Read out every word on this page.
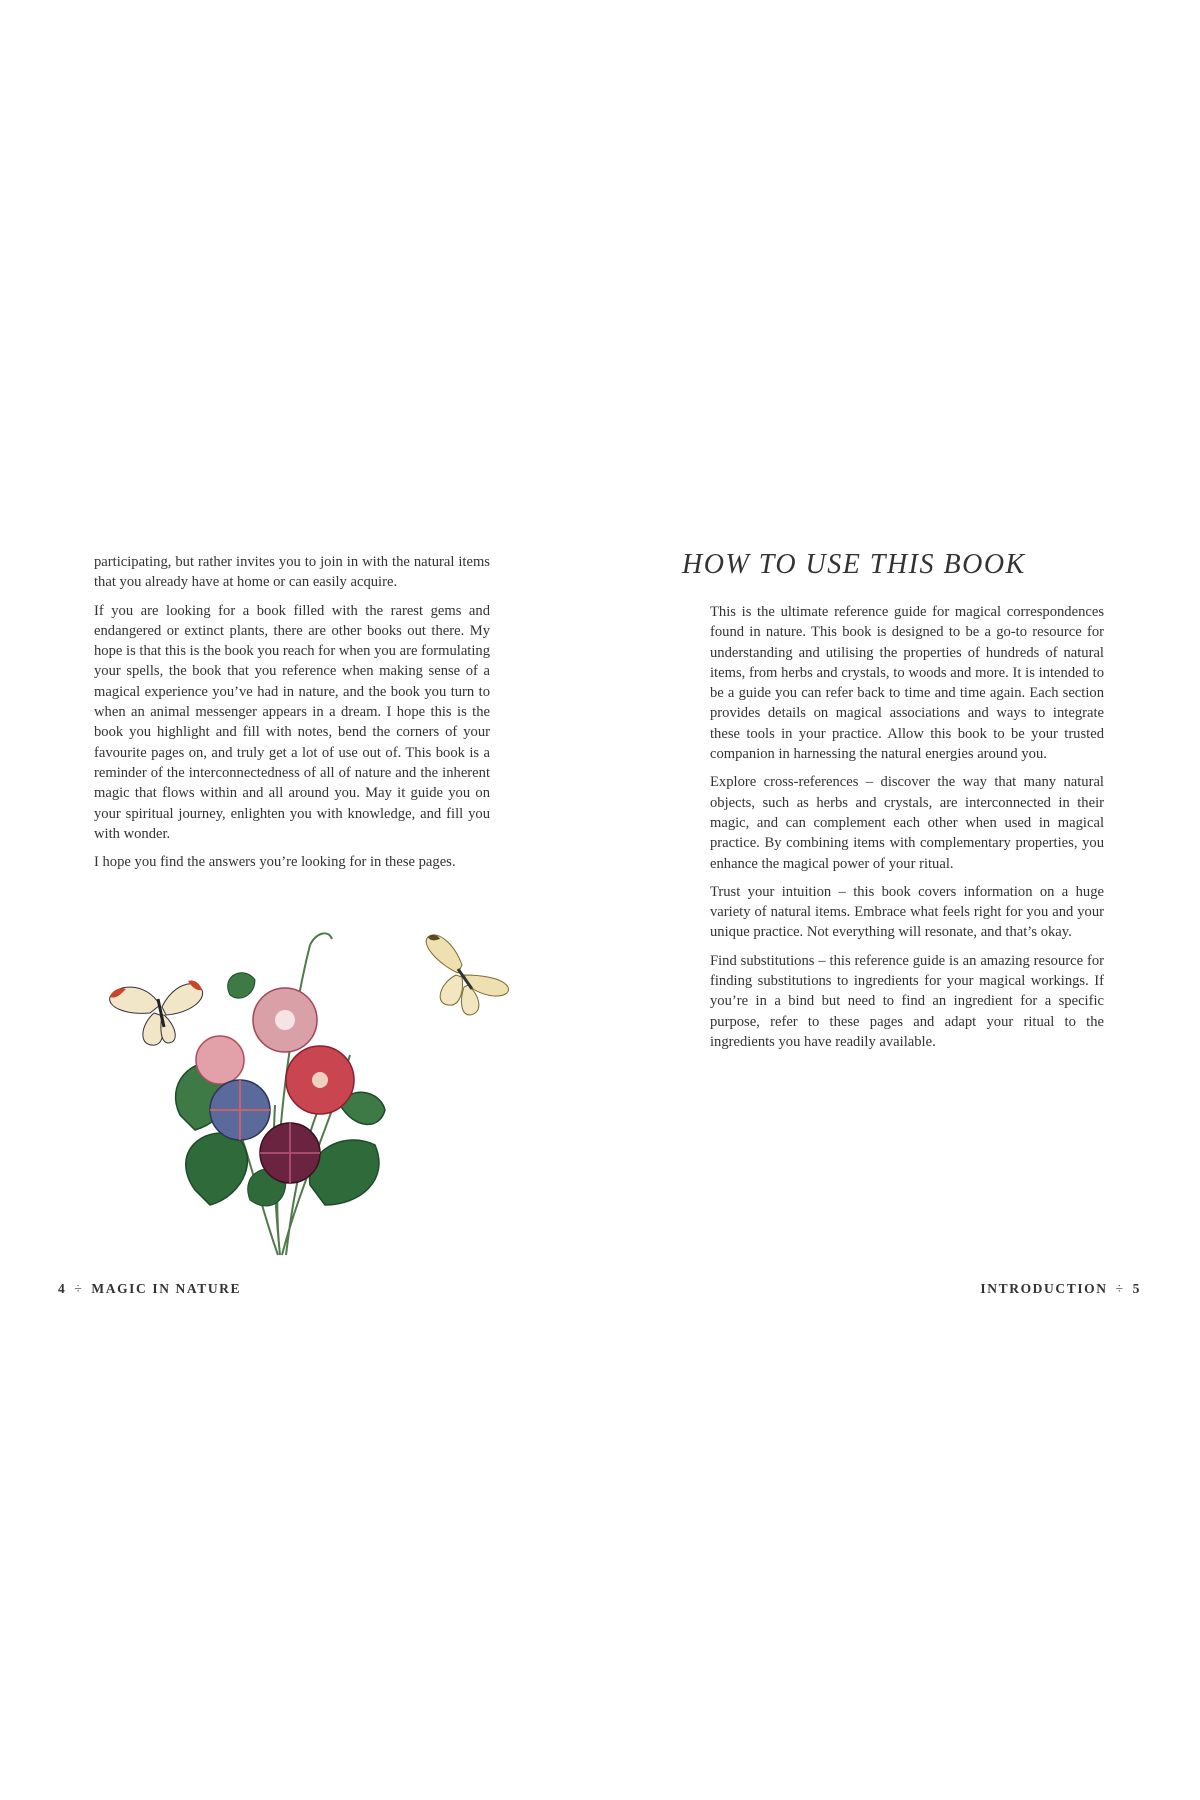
participating, but rather invites you to join in with the natural items that you already have at home or can easily acquire.

If you are looking for a book filled with the rarest gems and endangered or extinct plants, there are other books out there. My hope is that this is the book you reach for when you are formulating your spells, the book that you reference when making sense of a magical experience you’ve had in nature, and the book you turn to when an animal messenger appears in a dream. I hope this is the book you highlight and fill with notes, bend the corners of your favourite pages on, and truly get a lot of use out of. This book is a reminder of the interconnectedness of all of nature and the inherent magic that flows within and all around you. May it guide you on your spiritual journey, enlighten you with knowledge, and fill you with wonder.

I hope you find the answers you’re looking for in these pages.

4 ÷ MAGIC IN NATURE
HOW TO USE THIS BOOK

This is the ultimate reference guide for magical correspondences found in nature. This book is designed to be a go-to resource for understanding and utilising the properties of hundreds of natural items, from herbs and crystals, to woods and more. It is intended to be a guide you can refer back to time and time again. Each section provides details on magical associations and ways to integrate these tools in your practice. Allow this book to be your trusted companion in harnessing the natural energies around you.

Explore cross-references – discover the way that many natural objects, such as herbs and crystals, are interconnected in their magic, and can complement each other when used in magical practice. By combining items with complementary properties, you enhance the magical power of your ritual.

Trust your intuition – this book covers information on a huge variety of natural items. Embrace what feels right for you and your unique practice. Not everything will resonate, and that’s okay.

Find substitutions – this reference guide is an amazing resource for finding substitutions to ingredients for your magical workings. If you’re in a bind but need to find an ingredient for a specific purpose, refer to these pages and adapt your ritual to the ingredients you have readily available.

INTRODUCTION ÷ 5
